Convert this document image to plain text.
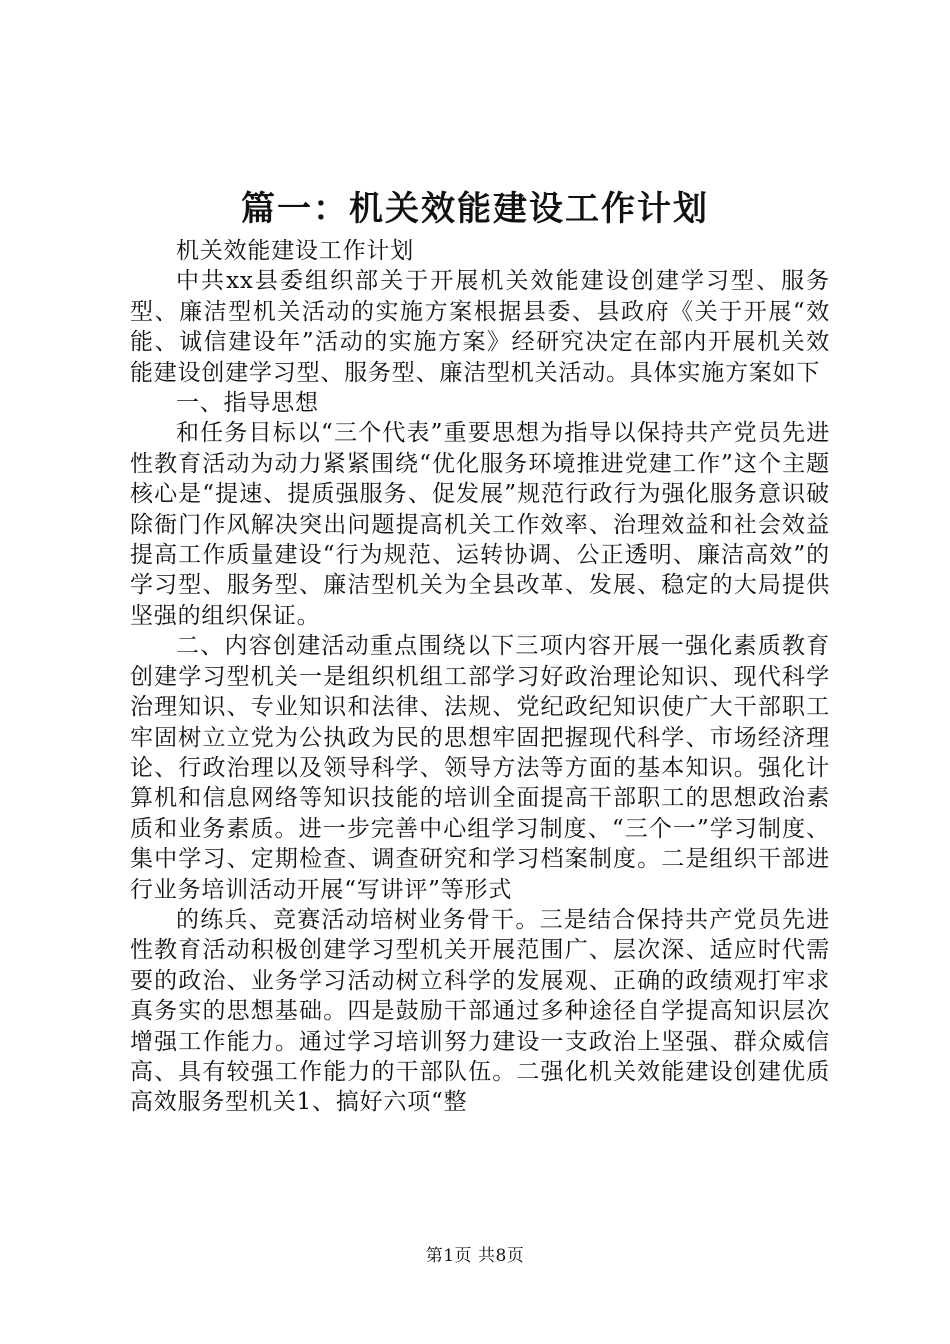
篇一：机关效能建设工作计划

机关效能建设工作计划

中共xx县委组织部关于开展机关效能建设创建学习型、服务型、廉洁型机关活动的实施方案根据县委、县政府《关于开展“效能、诚信建设年”活动的实施方案》经研究决定在部内开展机关效能建设创建学习型、服务型、廉洁型机关活动。具体实施方案如下

一、指导思想

和任务目标以“三个代表”重要思想为指导以保持共产党员先进性教育活动为动力紧紧围绕“优化服务环境推进党建工作”这个主题核心是“提速、提质强服务、促发展”规范行政行为强化服务意识破除衙门作风解决突出问题提高机关工作效率、治理效益和社会效益提高工作质量建设“行为规范、运转协调、公正透明、廉洁高效”的学习型、服务型、廉洁型机关为全县改革、发展、稳定的大局提供坚强的组织保证。

二、内容创建活动重点围绕以下三项内容开展一强化素质教育创建学习型机关一是组织机组工部学习好政治理论知识、现代科学治理知识、专业知识和法律、法规、党纪政纪知识使广大干部职工牢固树立立党为公执政为民的思想牢固把握现代科学、市场经济理论、行政治理以及领导科学、领导方法等方面的基本知识。强化计算机和信息网络等知识技能的培训全面提高干部职工的思想政治素质和业务素质。进一步完善中心组学习制度、“三个一”学习制度、集中学习、定期检查、调查研究和学习档案制度。二是组织干部进行业务培训活动开展“写讲评”等形式

的练兵、竞赛活动培树业务骨干。三是结合保持共产党员先进性教育活动积极创建学习型机关开展范围广、层次深、适应时代需要的政治、业务学习活动树立科学的发展观、正确的政绩观打牢求真务实的思想基础。四是鼓励干部通过多种途径自学提高知识层次增强工作能力。通过学习培训努力建设一支政治上坚强、群众威信高、具有较强工作能力的干部队伍。二强化机关效能建设创建优质高效服务型机关1、搞好六项“整

第1页 共8页
